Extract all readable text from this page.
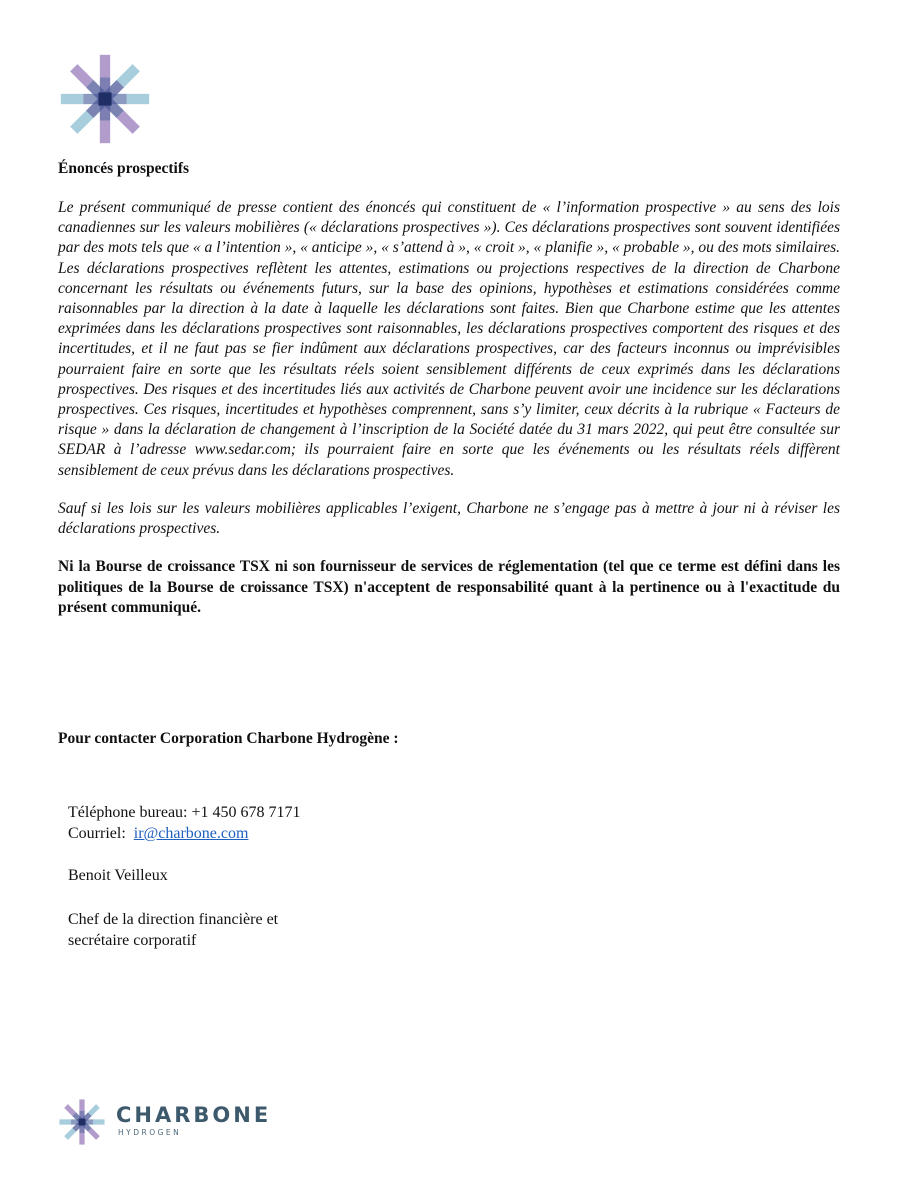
Énoncés prospectifs

Le présent communiqué de presse contient des énoncés qui constituent de « l’information prospective » au sens des lois canadiennes sur les valeurs mobilières (« déclarations prospectives »). Ces déclarations prospectives sont souvent identifiées par des mots tels que « a l’intention », « anticipe », « s’attend à », « croit », « planifie », « probable », ou des mots similaires. Les déclarations prospectives reflètent les attentes, estimations ou projections respectives de la direction de Charbone concernant les résultats ou événements futurs, sur la base des opinions, hypothèses et estimations considérées comme raisonnables par la direction à la date à laquelle les déclarations sont faites. Bien que Charbone estime que les attentes exprimées dans les déclarations prospectives sont raisonnables, les déclarations prospectives comportent des risques et des incertitudes, et il ne faut pas se fier indûment aux déclarations prospectives, car des facteurs inconnus ou imprévisibles pourraient faire en sorte que les résultats réels soient sensiblement différents de ceux exprimés dans les déclarations prospectives. Des risques et des incertitudes liés aux activités de Charbone peuvent avoir une incidence sur les déclarations prospectives. Ces risques, incertitudes et hypothèses comprennent, sans s’y limiter, ceux décrits à la rubrique « Facteurs de risque » dans la déclaration de changement à l’inscription de la Société datée du 31 mars 2022, qui peut être consultée sur SEDAR à l’adresse www.sedar.com; ils pourraient faire en sorte que les événements ou les résultats réels diffèrent sensiblement de ceux prévus dans les déclarations prospectives.

Sauf si les lois sur les valeurs mobilières applicables l’exigent, Charbone ne s’engage pas à mettre à jour ni à réviser les déclarations prospectives.

Ni la Bourse de croissance TSX ni son fournisseur de services de réglementation (tel que ce terme est défini dans les politiques de la Bourse de croissance TSX) n'acceptent de responsabilité quant à la pertinence ou à l'exactitude du présent communiqué.

Pour contacter Corporation Charbone Hydrogène :
Téléphone bureau: +1 450 678 7171
Courriel:  ir@charbone.com
Benoit Veilleux
Chef de la direction financière et
secrétaire corporatif
CHARBONE
HYDROGEN
